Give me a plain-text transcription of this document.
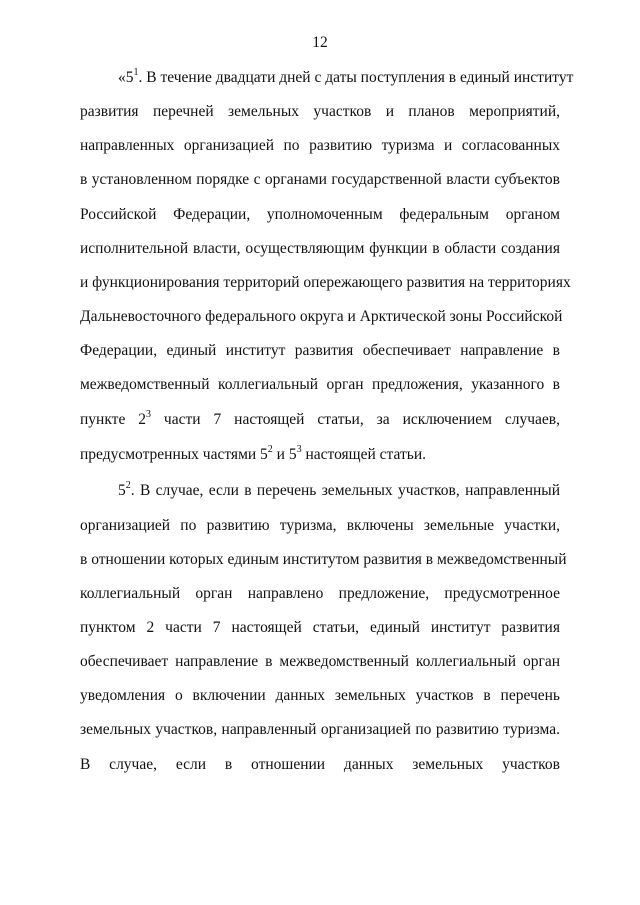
12
«$5^1$. В течение двадцати дней с даты поступления в единый институт
развития перечней земельных участков и планов мероприятий,
направленных организацией по развитию туризма и согласованных
в установленном порядке с органами государственной власти субъектов
Российской Федерации, уполномоченным федеральным органом
исполнительной власти, осуществляющим функции в области создания
и функционирования территорий опережающего развития на территориях
Дальневосточного федерального округа и Арктической зоны Российской
Федерации, единый институт развития обеспечивает направление в
межведомственный коллегиальный орган предложения, указанного в
пункте $2^3$ части 7 настоящей статьи, за исключением случаев,
предусмотренных частями $5^2$ и $5^3$ настоящей статьи.
$5^2$. В случае, если в перечень земельных участков, направленный
организацией по развитию туризма, включены земельные участки,
в отношении которых единым институтом развития в межведомственный
коллегиальный орган направлено предложение, предусмотренное
пунктом 2 части 7 настоящей статьи, единый институт развития
обеспечивает направление в межведомственный коллегиальный орган
уведомления о включении данных земельных участков в перечень
земельных участков, направленный организацией по развитию туризма.
В случае, если в отношении данных земельных участков
